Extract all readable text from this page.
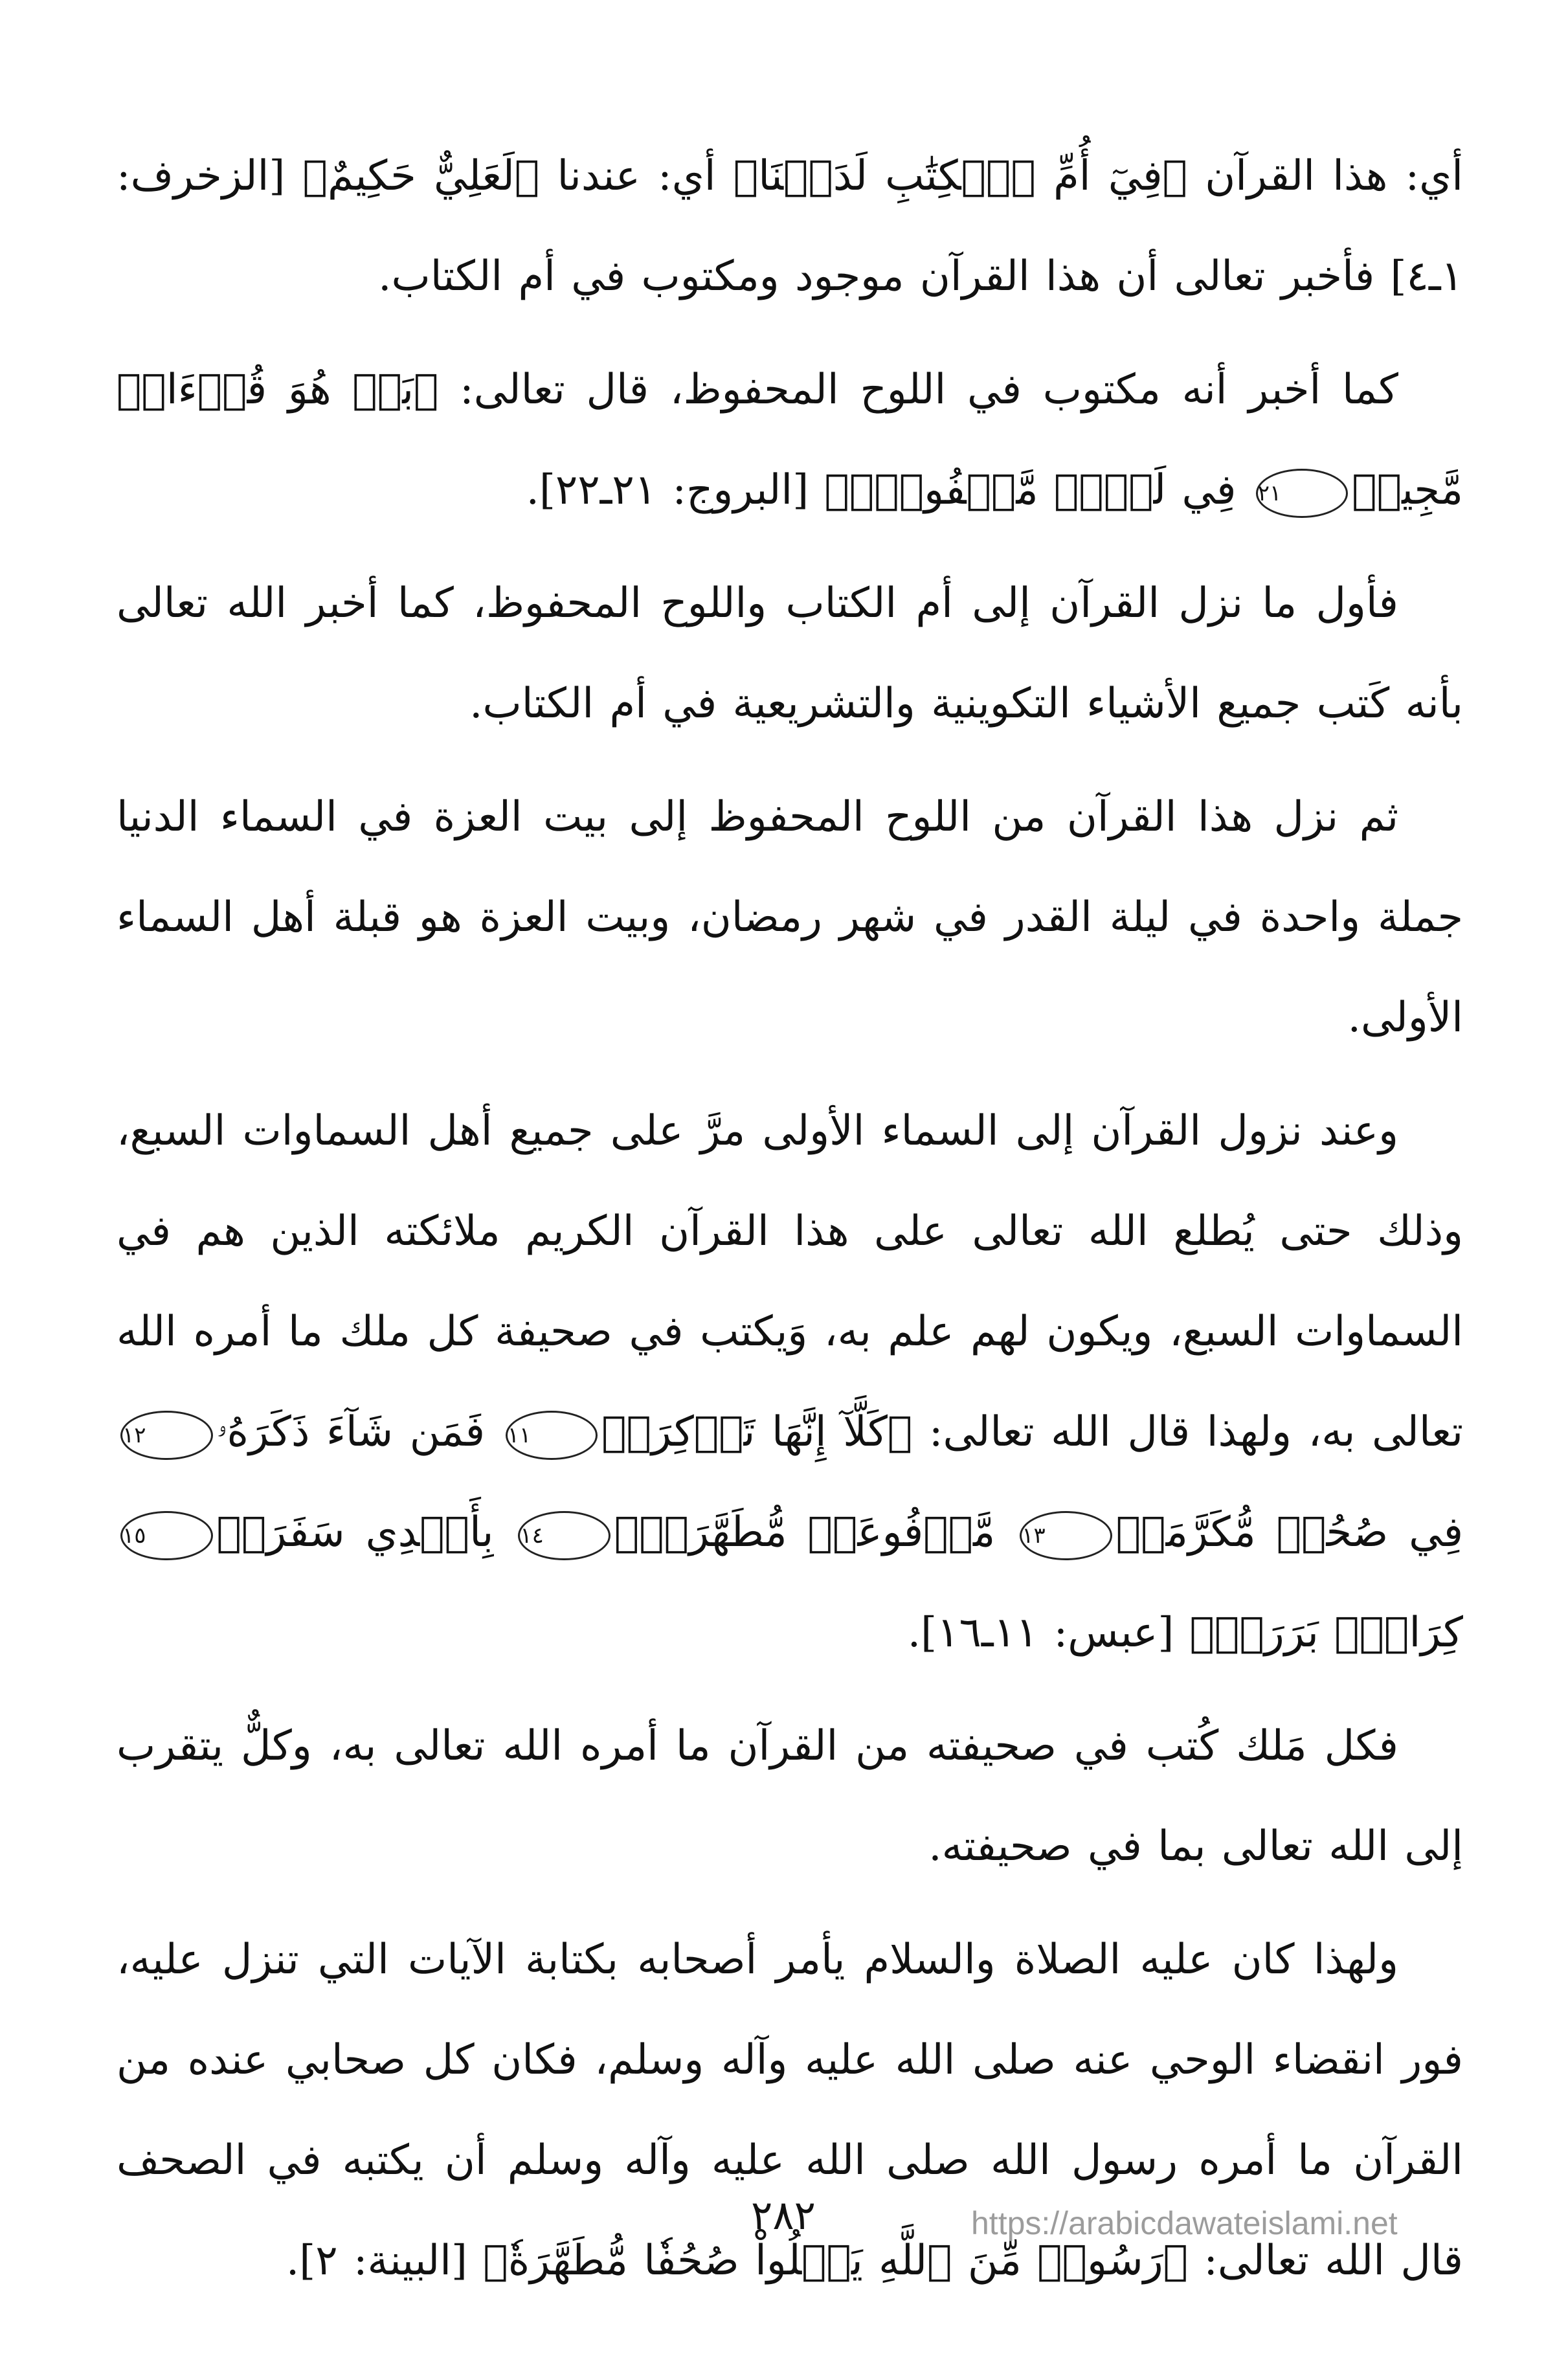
أي: هذا القرآن ﴿فِيٓ أُمِّ ٱلۡكِتَٰبِ لَدَيۡنَا﴾ أي: عندنا ﴿لَعَلِيٌّ حَكِيمٌ﴾ [الزخرف: ١ـ٤] فأخبر تعالى أن هذا القرآن موجود ومكتوب في أم الكتاب.

كما أخبر أنه مكتوب في اللوح المحفوظ، قال تعالى: ﴿بَلۡ هُوَ قُرۡءَانٞ مَّجِيدٞ٢١ فِي لَوۡحٖ مَّحۡفُوظِۢ﴾ [البروج: ٢١ـ٢٢].

فأول ما نزل القرآن إلى أم الكتاب واللوح المحفوظ، كما أخبر الله تعالى بأنه كَتب جميع الأشياء التكوينية والتشريعية في أم الكتاب.

ثم نزل هذا القرآن من اللوح المحفوظ إلى بيت العزة في السماء الدنيا جملة واحدة في ليلة القدر في شهر رمضان، وبيت العزة هو قبلة أهل السماء الأولى.

وعند نزول القرآن إلى السماء الأولى مرَّ على جميع أهل السماوات السبع، وذلك حتى يُطلع الله تعالى على هذا القرآن الكريم ملائكته الذين هم في السماوات السبع، ويكون لهم علم به، وَيكتب في صحيفة كل ملك ما أمره الله تعالى به، ولهذا قال الله تعالى: ﴿كَلَّآ إِنَّهَا تَذۡكِرَةٞ١١ فَمَن شَآءَ ذَكَرَهُۥ١٢ فِي صُحُفٖ مُّكَرَّمَةٖ١٣ مَّرۡفُوعَةٖ مُّطَهَّرَةِۭ١٤ بِأَيۡدِي سَفَرَةٖ١٥ كِرَامِۭ بَرَرَةٖ﴾ [عبس: ١١ـ١٦].

فكل مَلك كُتب في صحيفته من القرآن ما أمره الله تعالى به، وكلٌّ يتقرب إلى الله تعالى بما في صحيفته.

ولهذا كان عليه الصلاة والسلام يأمر أصحابه بكتابة الآيات التي تنزل عليه، فور انقضاء الوحي عنه صلى الله عليه وآله وسلم، فكان كل صحابي عنده من القرآن ما أمره رسول الله صلى الله عليه وآله وسلم أن يكتبه في الصحف قال الله تعالى: ﴿رَسُولٞ مِّنَ ٱللَّهِ يَتۡلُواْ صُحُفٗا مُّطَهَّرَةٗ﴾ [البينة: ٢].

٢٨٢	https://arabicdawateislami.net
